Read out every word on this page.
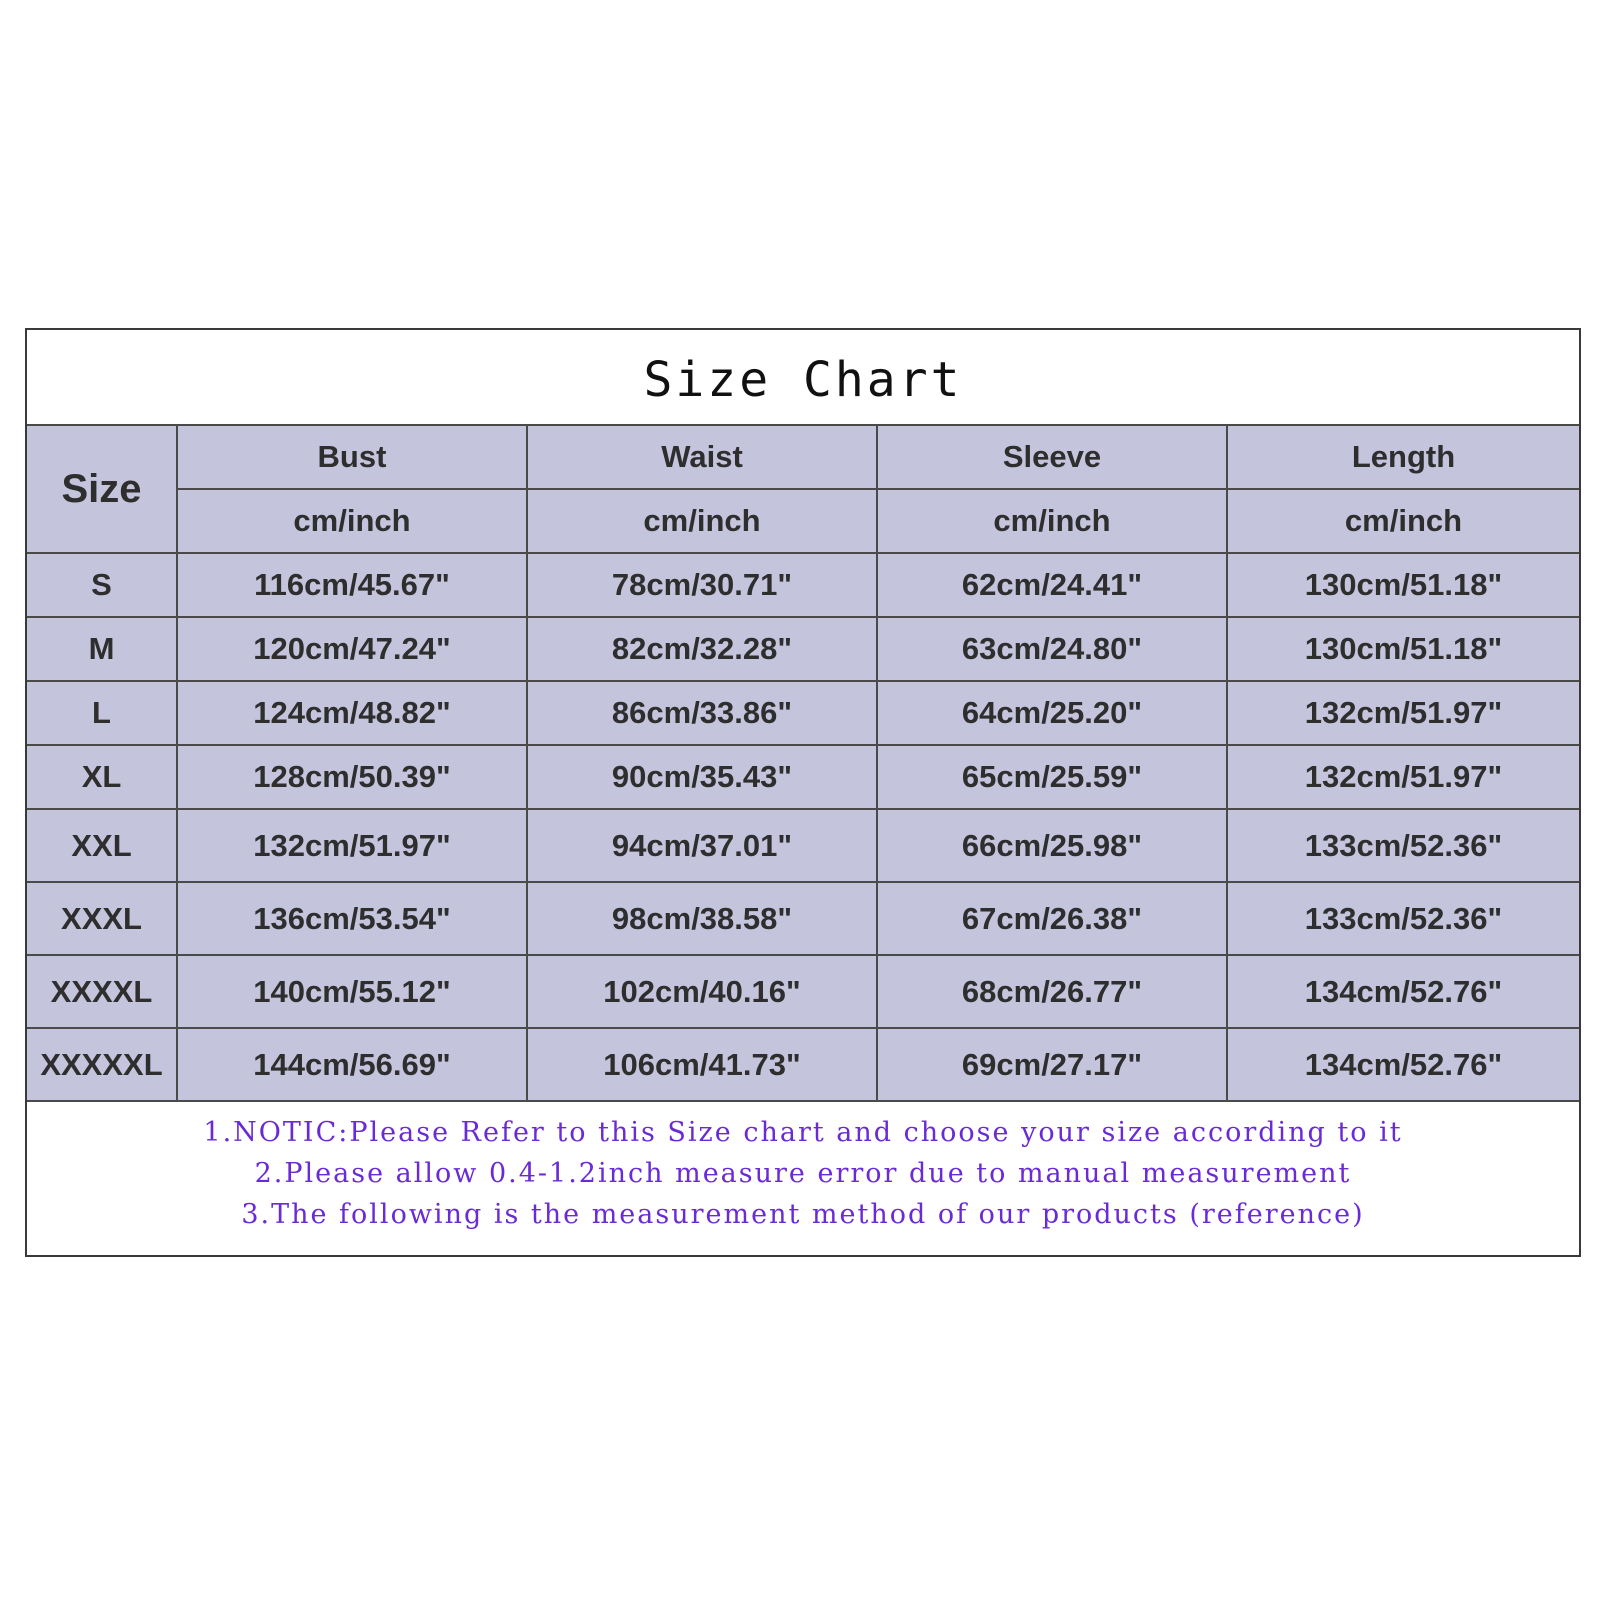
Size Chart
Size	Bust	Waist	Sleeve	Length
	cm/inch	cm/inch	cm/inch	cm/inch
S	116cm/45.67"	78cm/30.71"	62cm/24.41"	130cm/51.18"
M	120cm/47.24"	82cm/32.28"	63cm/24.80"	130cm/51.18"
L	124cm/48.82"	86cm/33.86"	64cm/25.20"	132cm/51.97"
XL	128cm/50.39"	90cm/35.43"	65cm/25.59"	132cm/51.97"
XXL	132cm/51.97"	94cm/37.01"	66cm/25.98"	133cm/52.36"
XXXL	136cm/53.54"	98cm/38.58"	67cm/26.38"	133cm/52.36"
XXXXL	140cm/55.12"	102cm/40.16"	68cm/26.77"	134cm/52.76"
XXXXXL	144cm/56.69"	106cm/41.73"	69cm/27.17"	134cm/52.76"
1.NOTIC:Please Refer to this Size chart and choose your size according to it
2.Please allow 0.4-1.2inch measure error due to manual measurement
3.The following is the measurement method of our products (reference)
